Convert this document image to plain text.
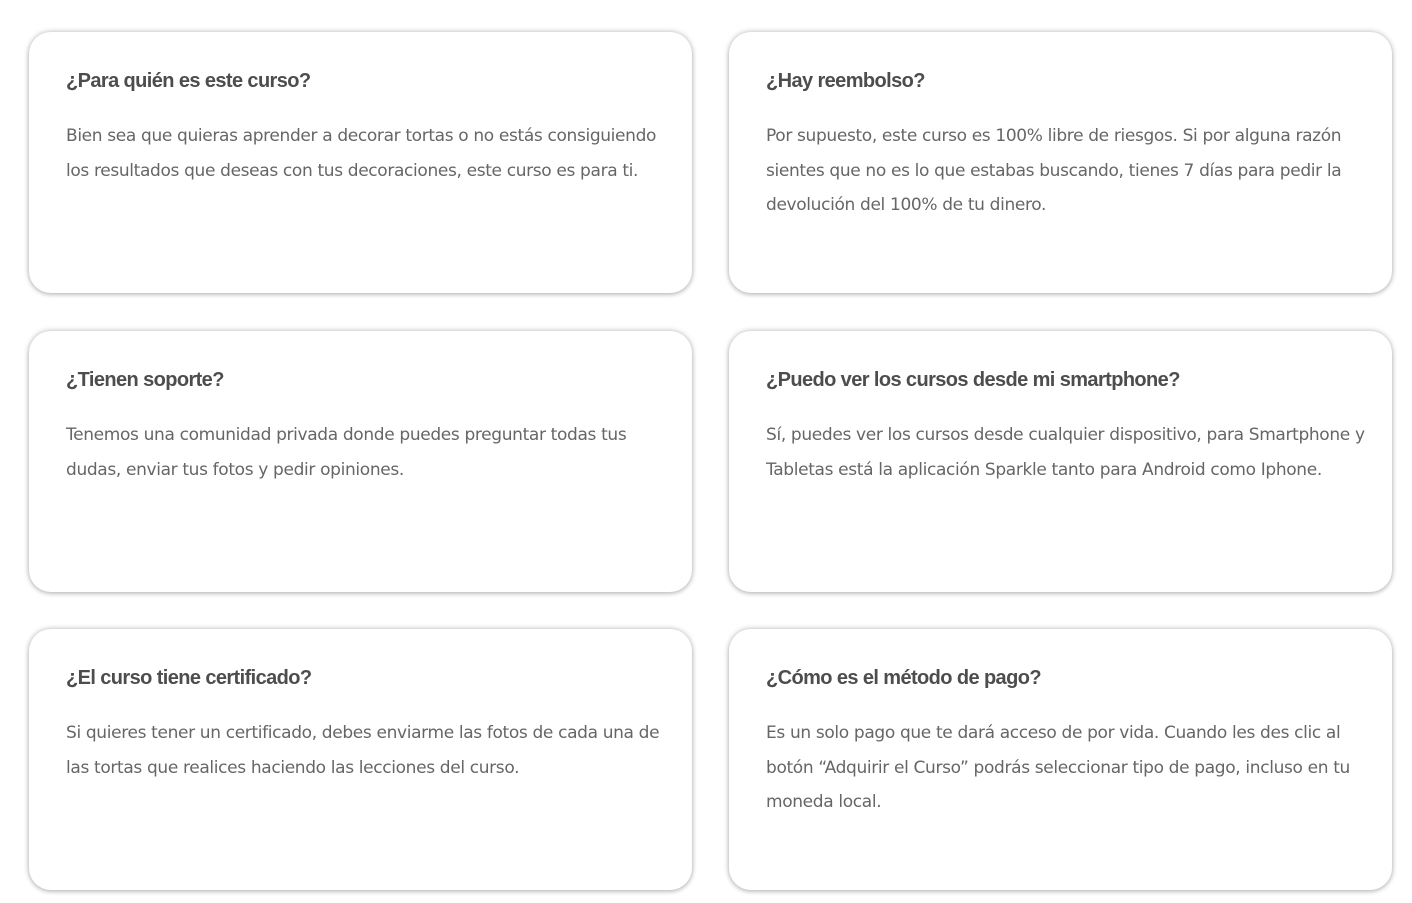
¿Para quién es este curso?

Bien sea que quieras aprender a decorar tortas o no estás consiguiendo los resultados que deseas con tus decoraciones, este curso es para ti.

¿Hay reembolso?

Por supuesto, este curso es 100% libre de riesgos. Si por alguna razón sientes que no es lo que estabas buscando, tienes 7 días para pedir la devolución del 100% de tu dinero.

¿Tienen soporte?

Tenemos una comunidad privada donde puedes preguntar todas tus dudas, enviar tus fotos y pedir opiniones.

¿Puedo ver los cursos desde mi smartphone?

Sí, puedes ver los cursos desde cualquier dispositivo, para Smartphone y Tabletas está la aplicación Sparkle tanto para Android como Iphone.

¿El curso tiene certificado?

Si quieres tener un certificado, debes enviarme las fotos de cada una de las tortas que realices haciendo las lecciones del curso.

¿Cómo es el método de pago?

Es un solo pago que te dará acceso de por vida. Cuando les des clic al botón “Adquirir el Curso” podrás seleccionar tipo de pago, incluso en tu moneda local.
